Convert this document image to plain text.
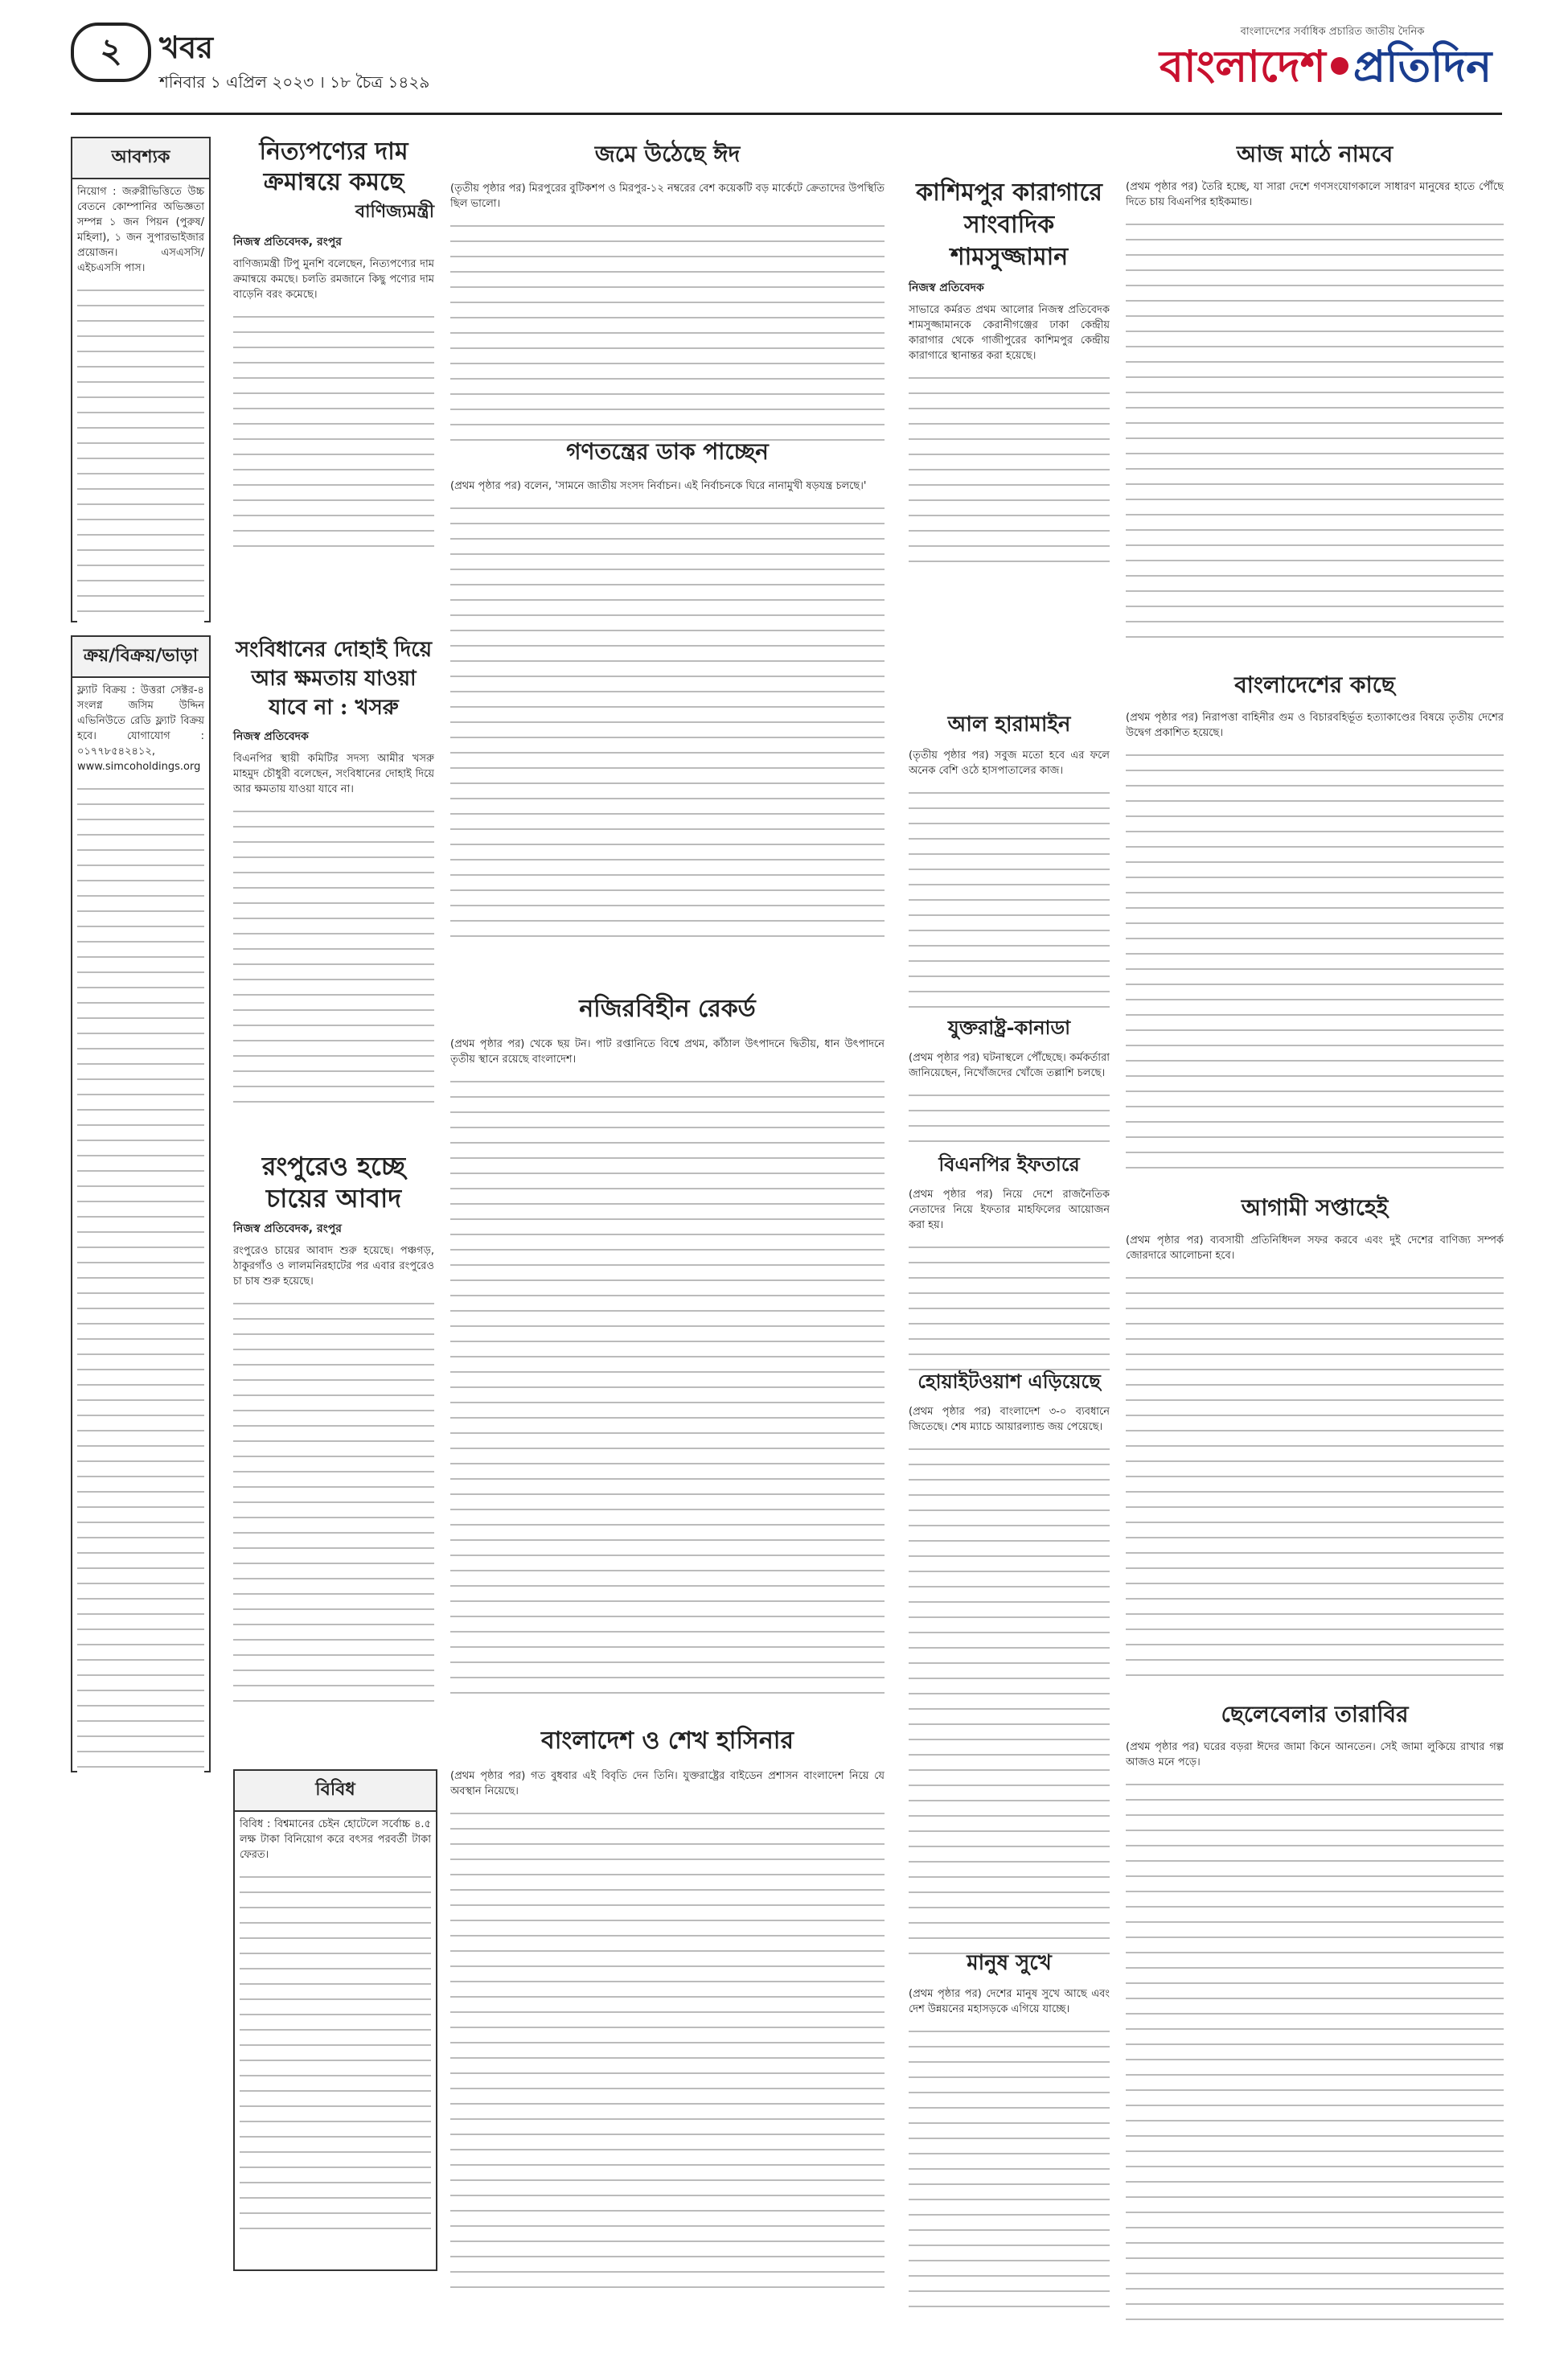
২ খবর
শনিবার ১ এপ্রিল ২০২৩ । ১৮ চৈত্র ১৪২৯
বাংলাদেশের সর্বাধিক প্রচারিত জাতীয় দৈনিক
বাংলাদেশ প্রতিদিন
আবশ্যক

নিয়োগ : জরুরীভিত্তিতে উচ্চ বেতনে কোম্পানির অভিজ্ঞতা সম্পন্ন ১ জন পিয়ন (পুরুষ/মহিলা), ১ জন সুপারভাইজার প্রয়োজন। এসএসসি/এইচএসসি পাস।

ক্রয়/বিক্রয়/ভাড়া

ফ্ল্যাট বিক্রয় : উত্তরা সেক্টর-৪ সংলগ্ন জসিম উদ্দিন এভিনিউতে রেডি ফ্ল্যাট বিক্রয় হবে। যোগাযোগ : ০১৭৭৮৫৪২৪১২, www.simcoholdings.org

নিত্যপণ্যের দাম ক্রমান্বয়ে কমছে
বাণিজ্যমন্ত্রী
নিজস্ব প্রতিবেদক, রংপুর

বাণিজ্যমন্ত্রী টিপু মুনশি বলেছেন, নিত্যপণ্যের দাম ক্রমান্বয়ে কমছে। চলতি রমজানে কিছু পণ্যের দাম বাড়েনি বরং কমেছে।

সংবিধানের দোহাই দিয়ে আর ক্ষমতায় যাওয়া যাবে না : খসরু
নিজস্ব প্রতিবেদক

বিএনপির স্থায়ী কমিটির সদস্য আমীর খসরু মাহমুদ চৌধুরী বলেছেন, সংবিধানের দোহাই দিয়ে আর ক্ষমতায় যাওয়া যাবে না।

রংপুরেও হচ্ছে চায়ের আবাদ
নিজস্ব প্রতিবেদক, রংপুর

রংপুরেও চায়ের আবাদ শুরু হয়েছে। পঞ্চগড়, ঠাকুরগাঁও ও লালমনিরহাটের পর এবার রংপুরেও চা চাষ শুরু হয়েছে।

বিবিধ

বিবিধ : বিশ্বমানের চেইন হোটেলে সর্বোচ্চ ৪.৫ লক্ষ টাকা বিনিয়োগ করে বৎসর পরবর্তী টাকা ফেরত।

জমে উঠেছে ঈদ

(তৃতীয় পৃষ্ঠার পর) মিরপুরের বুটিকশপ ও মিরপুর-১২ নম্বরের বেশ কয়েকটি বড় মার্কেটে ক্রেতাদের উপস্থিতি ছিল ভালো।

গণতন্ত্রের ডাক পাচ্ছেন

(প্রথম পৃষ্ঠার পর) বলেন, 'সামনে জাতীয় সংসদ নির্বাচন। এই নির্বাচনকে ঘিরে নানামুখী ষড়যন্ত্র চলছে।'

নজিরবিহীন রেকর্ড

(প্রথম পৃষ্ঠার পর) খেকে ছয় টন। পাট রপ্তানিতে বিশ্বে প্রথম, কাঁঠাল উৎপাদনে দ্বিতীয়, ধান উৎপাদনে তৃতীয় স্থানে রয়েছে বাংলাদেশ।

বাংলাদেশ ও শেখ হাসিনার

(প্রথম পৃষ্ঠার পর) গত বুধবার এই বিবৃতি দেন তিনি। যুক্তরাষ্ট্রের বাইডেন প্রশাসন বাংলাদেশ নিয়ে যে অবস্থান নিয়েছে।

কাশিমপুর কারাগারে সাংবাদিক শামসুজ্জামান
নিজস্ব প্রতিবেদক

সাভারে কর্মরত প্রথম আলোর নিজস্ব প্রতিবেদক শামসুজ্জামানকে কেরানীগঞ্জের ঢাকা কেন্দ্রীয় কারাগার থেকে গাজীপুরের কাশিমপুর কেন্দ্রীয় কারাগারে স্থানান্তর করা হয়েছে।

আল হারামাইন

(তৃতীয় পৃষ্ঠার পর) সবুজ মতো হবে এর ফলে অনেক বেশি ওঠে হাসপাতালের কাজ।

যুক্তরাষ্ট্র-কানাডা

(প্রথম পৃষ্ঠার পর) ঘটনাস্থলে পৌঁছেছে। কর্মকর্তারা জানিয়েছেন, নিখোঁজদের খোঁজে তল্লাশি চলছে।

বিএনপির ইফতারে

(প্রথম পৃষ্ঠার পর) নিয়ে দেশে রাজনৈতিক নেতাদের নিয়ে ইফতার মাহফিলের আয়োজন করা হয়।

হোয়াইটওয়াশ এড়িয়েছে

(প্রথম পৃষ্ঠার পর) বাংলাদেশ ৩-০ ব্যবধানে জিতেছে। শেষ ম্যাচে আয়ারল্যান্ড জয় পেয়েছে।

মানুষ সুখে

(প্রথম পৃষ্ঠার পর) দেশের মানুষ সুখে আছে এবং দেশ উন্নয়নের মহাসড়কে এগিয়ে যাচ্ছে।

আজ মাঠে নামবে

(প্রথম পৃষ্ঠার পর) তৈরি হচ্ছে, যা সারা দেশে গণসংযোগকালে সাধারণ মানুষের হাতে পৌঁছে দিতে চায় বিএনপির হাইকমান্ড।

বাংলাদেশের কাছে

(প্রথম পৃষ্ঠার পর) নিরাপত্তা বাহিনীর গুম ও বিচারবহির্ভূত হত্যাকাণ্ডের বিষয়ে তৃতীয় দেশের উদ্বেগ প্রকাশিত হয়েছে।

আগামী সপ্তাহেই

(প্রথম পৃষ্ঠার পর) ব্যবসায়ী প্রতিনিধিদল সফর করবে এবং দুই দেশের বাণিজ্য সম্পর্ক জোরদারে আলোচনা হবে।

ছেলেবেলার তারাবির

(প্রথম পৃষ্ঠার পর) ঘরের বড়রা ঈদের জামা কিনে আনতেন। সেই জামা লুকিয়ে রাখার গল্প আজও মনে পড়ে।
